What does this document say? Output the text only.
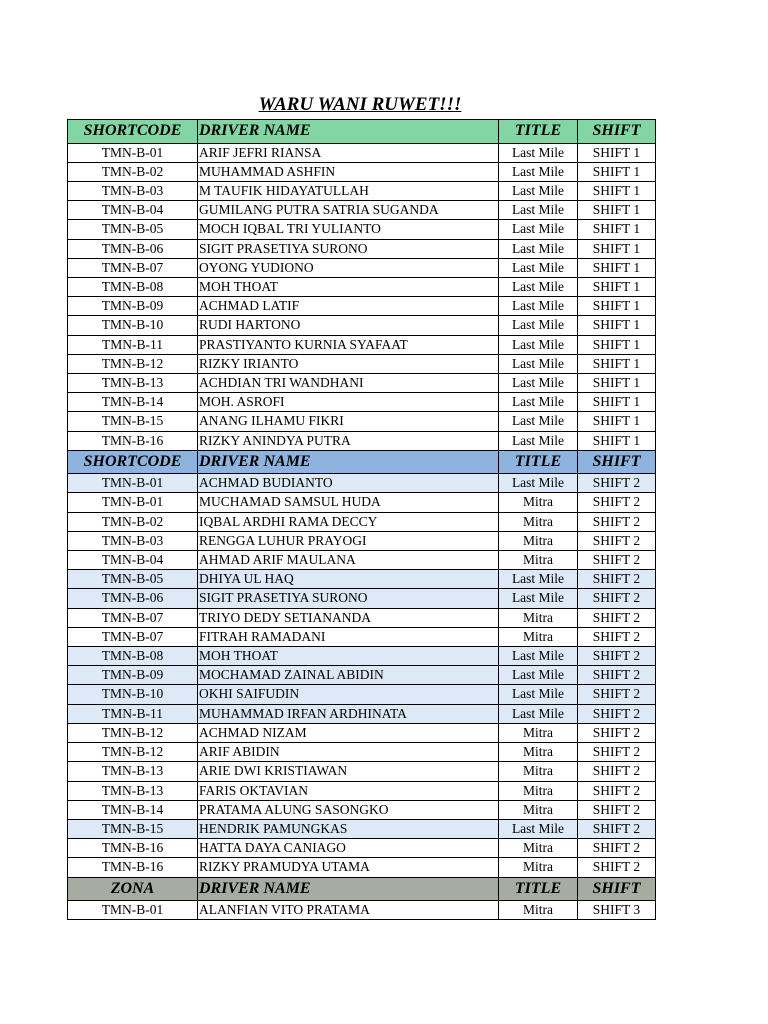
WARU WANI RUWET!!!
SHORTCODE	DRIVER NAME	TITLE	SHIFT
TMN-B-01	ARIF JEFRI RIANSA	Last Mile	SHIFT 1
TMN-B-02	MUHAMMAD ASHFIN	Last Mile	SHIFT 1
TMN-B-03	M TAUFIK HIDAYATULLAH	Last Mile	SHIFT 1
TMN-B-04	GUMILANG PUTRA SATRIA SUGANDA	Last Mile	SHIFT 1
TMN-B-05	MOCH IQBAL TRI YULIANTO	Last Mile	SHIFT 1
TMN-B-06	SIGIT PRASETIYA SURONO	Last Mile	SHIFT 1
TMN-B-07	OYONG YUDIONO	Last Mile	SHIFT 1
TMN-B-08	MOH THOAT	Last Mile	SHIFT 1
TMN-B-09	ACHMAD LATIF	Last Mile	SHIFT 1
TMN-B-10	RUDI HARTONO	Last Mile	SHIFT 1
TMN-B-11	PRASTIYANTO KURNIA SYAFAAT	Last Mile	SHIFT 1
TMN-B-12	RIZKY IRIANTO	Last Mile	SHIFT 1
TMN-B-13	ACHDIAN TRI WANDHANI	Last Mile	SHIFT 1
TMN-B-14	MOH. ASROFI	Last Mile	SHIFT 1
TMN-B-15	ANANG ILHAMU FIKRI	Last Mile	SHIFT 1
TMN-B-16	RIZKY ANINDYA PUTRA	Last Mile	SHIFT 1
SHORTCODE	DRIVER NAME	TITLE	SHIFT
TMN-B-01	ACHMAD BUDIANTO	Last Mile	SHIFT 2
TMN-B-01	MUCHAMAD SAMSUL HUDA	Mitra	SHIFT 2
TMN-B-02	IQBAL ARDHI RAMA DECCY	Mitra	SHIFT 2
TMN-B-03	RENGGA LUHUR PRAYOGI	Mitra	SHIFT 2
TMN-B-04	AHMAD ARIF MAULANA	Mitra	SHIFT 2
TMN-B-05	DHIYA UL HAQ	Last Mile	SHIFT 2
TMN-B-06	SIGIT PRASETIYA SURONO	Last Mile	SHIFT 2
TMN-B-07	TRIYO DEDY SETIANANDA	Mitra	SHIFT 2
TMN-B-07	FITRAH RAMADANI	Mitra	SHIFT 2
TMN-B-08	MOH THOAT	Last Mile	SHIFT 2
TMN-B-09	MOCHAMAD ZAINAL ABIDIN	Last Mile	SHIFT 2
TMN-B-10	OKHI SAIFUDIN	Last Mile	SHIFT 2
TMN-B-11	MUHAMMAD IRFAN ARDHINATA	Last Mile	SHIFT 2
TMN-B-12	ACHMAD NIZAM	Mitra	SHIFT 2
TMN-B-12	ARIF ABIDIN	Mitra	SHIFT 2
TMN-B-13	ARIE DWI KRISTIAWAN	Mitra	SHIFT 2
TMN-B-13	FARIS OKTAVIAN	Mitra	SHIFT 2
TMN-B-14	PRATAMA ALUNG SASONGKO	Mitra	SHIFT 2
TMN-B-15	HENDRIK PAMUNGKAS	Last Mile	SHIFT 2
TMN-B-16	HATTA DAYA CANIAGO	Mitra	SHIFT 2
TMN-B-16	RIZKY PRAMUDYA UTAMA	Mitra	SHIFT 2
ZONA	DRIVER NAME	TITLE	SHIFT
TMN-B-01	ALANFIAN VITO PRATAMA	Mitra	SHIFT 3
